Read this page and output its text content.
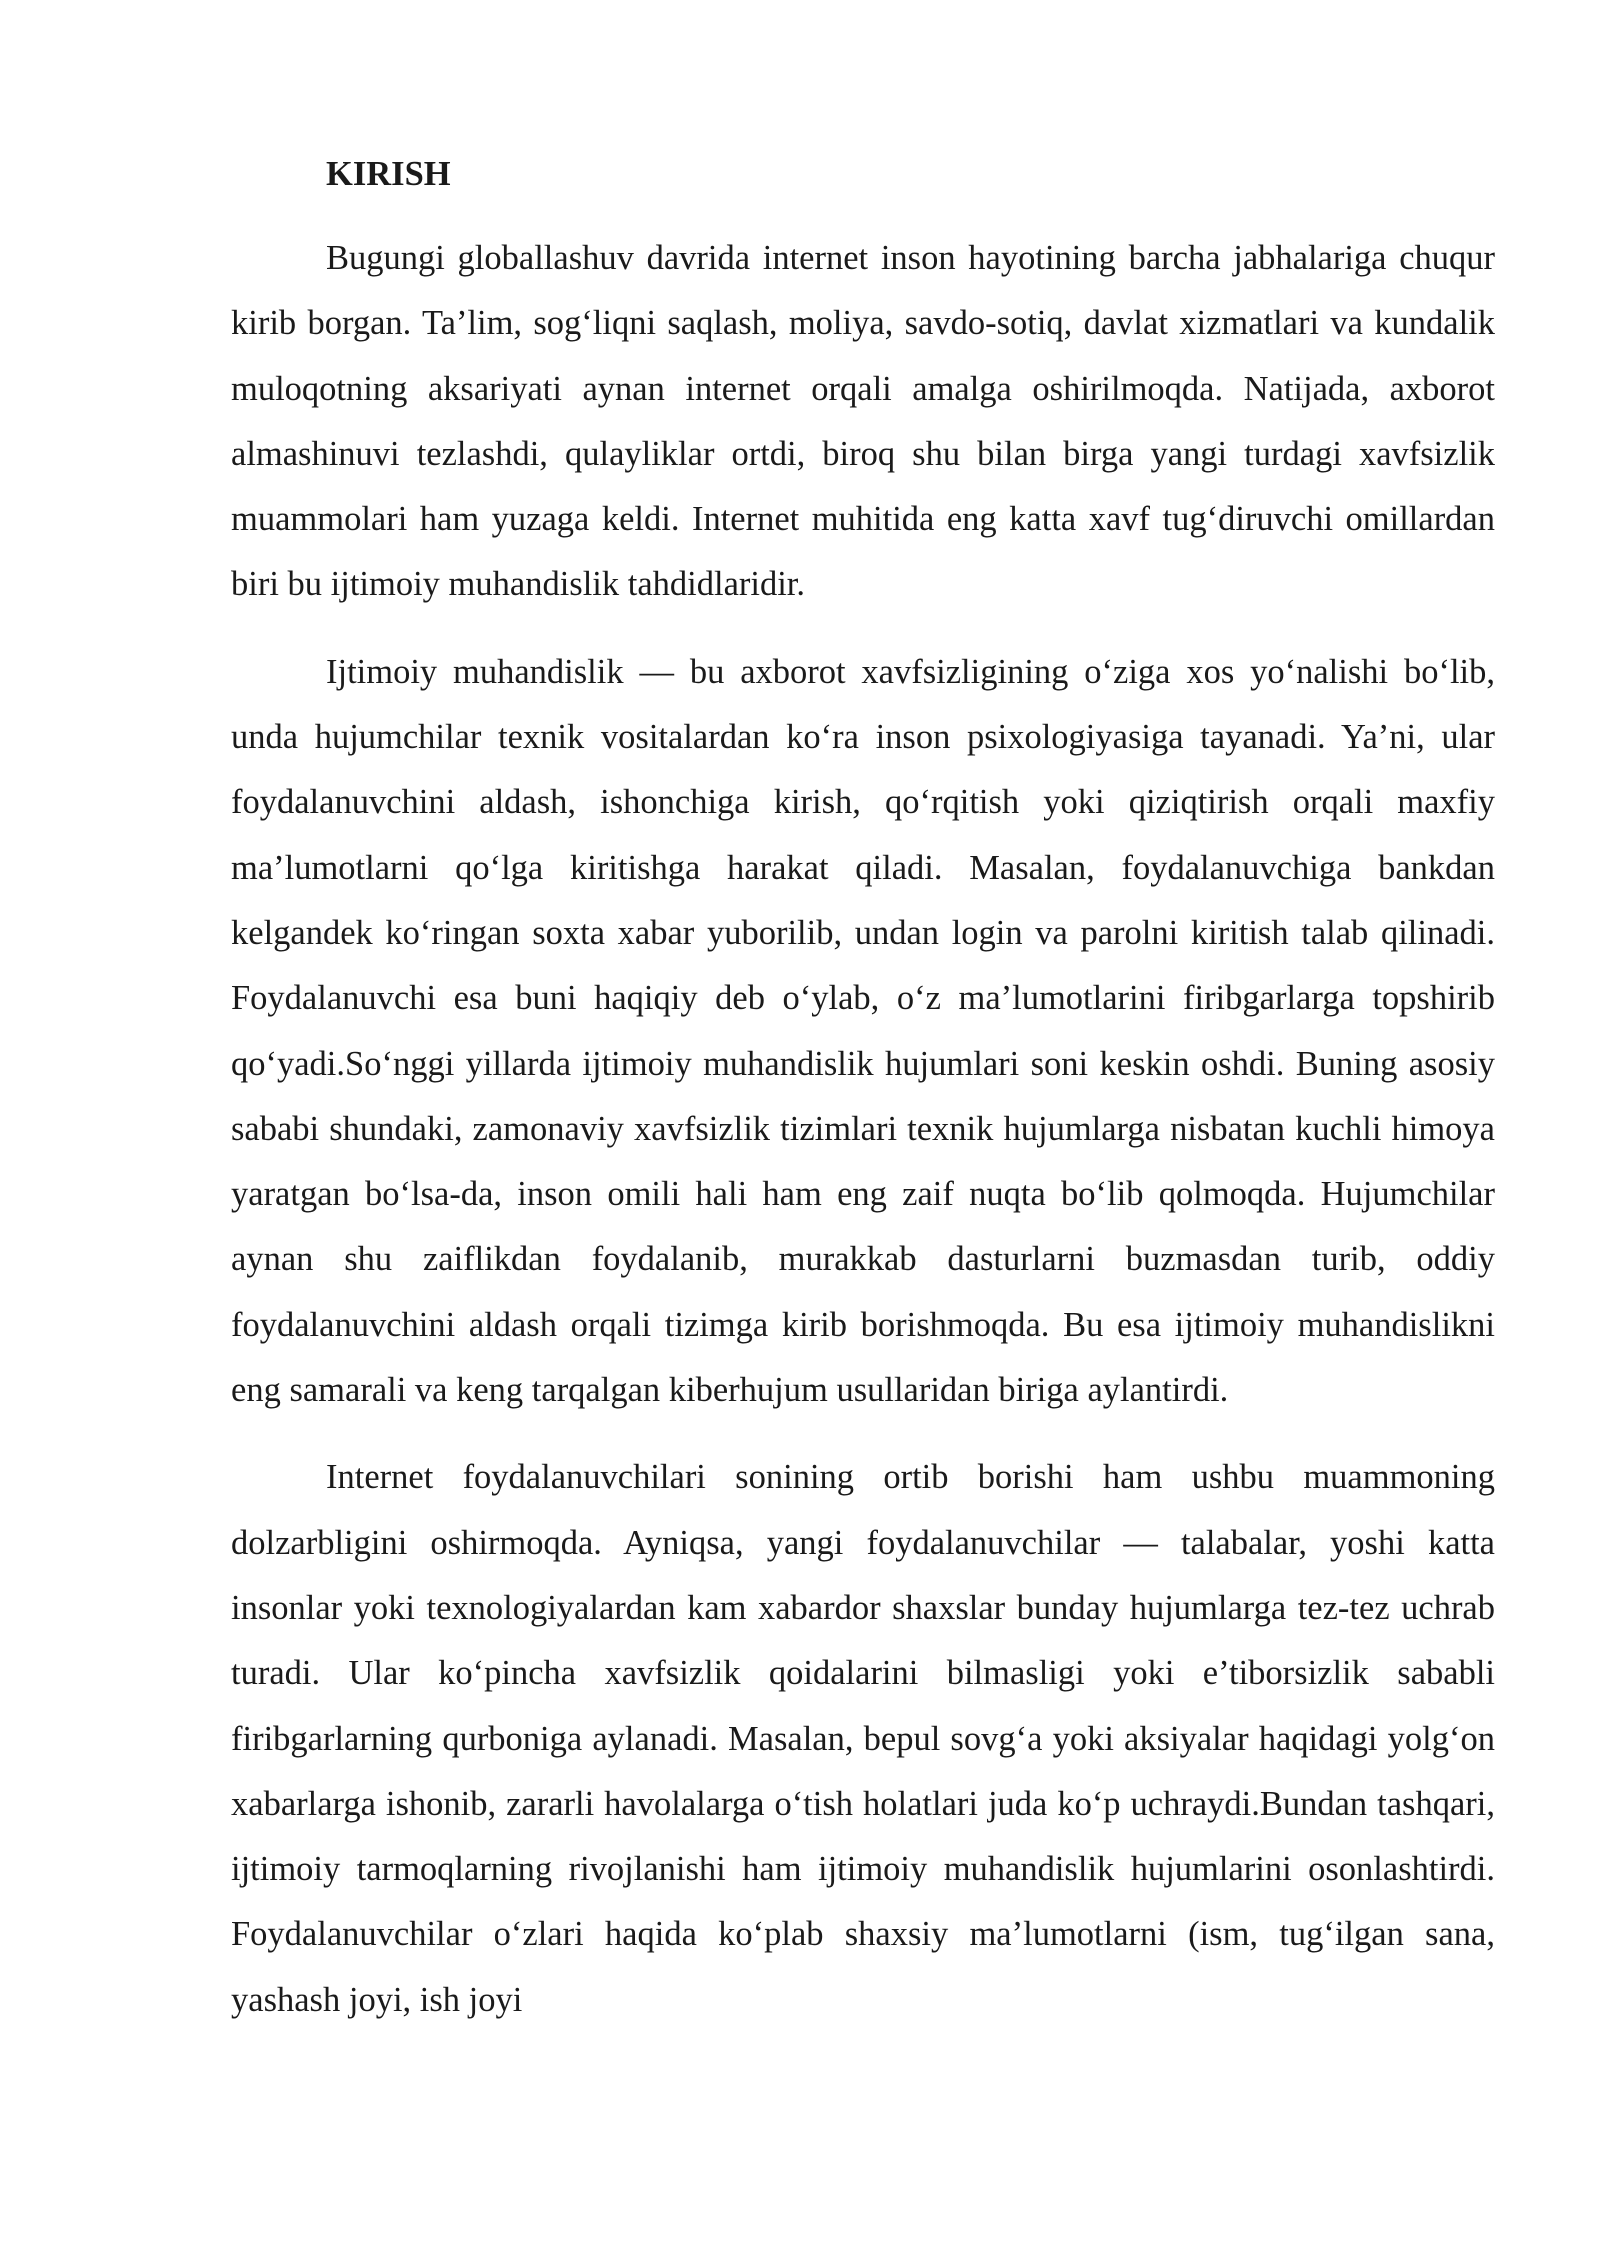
KIRISH

Bugungi globallashuv davrida internet inson hayotining barcha jabhalariga chuqur kirib borgan. Ta’lim, sog‘liqni saqlash, moliya, savdo-sotiq, davlat xizmatlari va kundalik muloqotning aksariyati aynan internet orqali amalga oshirilmoqda. Natijada, axborot almashinuvi tezlashdi, qulayliklar ortdi, biroq shu bilan birga yangi turdagi xavfsizlik muammolari ham yuzaga keldi. Internet muhitida eng katta xavf tug‘diruvchi omillardan biri bu ijtimoiy muhandislik tahdidlaridir.

Ijtimoiy muhandislik — bu axborot xavfsizligining o‘ziga xos yo‘nalishi bo‘lib, unda hujumchilar texnik vositalardan ko‘ra inson psixologiyasiga tayanadi. Ya’ni, ular foydalanuvchini aldash, ishonchiga kirish, qo‘rqitish yoki qiziqtirish orqali maxfiy ma’lumotlarni qo‘lga kiritishga harakat qiladi. Masalan, foydalanuvchiga bankdan kelgandek ko‘ringan soxta xabar yuborilib, undan login va parolni kiritish talab qilinadi. Foydalanuvchi esa buni haqiqiy deb o‘ylab, o‘z ma’lumotlarini firibgarlarga topshirib qo‘yadi.So‘nggi yillarda ijtimoiy muhandislik hujumlari soni keskin oshdi. Buning asosiy sababi shundaki, zamonaviy xavfsizlik tizimlari texnik hujumlarga nisbatan kuchli himoya yaratgan bo‘lsa-da, inson omili hali ham eng zaif nuqta bo‘lib qolmoqda. Hujumchilar aynan shu zaiflikdan foydalanib, murakkab dasturlarni buzmasdan turib, oddiy foydalanuvchini aldash orqali tizimga kirib borishmoqda. Bu esa ijtimoiy muhandislikni eng samarali va keng tarqalgan kiberhujum usullaridan biriga aylantirdi.

Internet foydalanuvchilari sonining ortib borishi ham ushbu muammoning dolzarbligini oshirmoqda. Ayniqsa, yangi foydalanuvchilar — talabalar, yoshi katta insonlar yoki texnologiyalardan kam xabardor shaxslar bunday hujumlarga tez-tez uchrab turadi. Ular ko‘pincha xavfsizlik qoidalarini bilmasligi yoki e’tiborsizlik sababli firibgarlarning qurboniga aylanadi. Masalan, bepul sovg‘a yoki aksiyalar haqidagi yolg‘on xabarlarga ishonib, zararli havolalarga o‘tish holatlari juda ko‘p uchraydi.Bundan tashqari, ijtimoiy tarmoqlarning rivojlanishi ham ijtimoiy muhandislik hujumlarini osonlashtirdi. Foydalanuvchilar o‘zlari haqida ko‘plab shaxsiy ma’lumotlarni (ism, tug‘ilgan sana, yashash joyi, ish joyi
